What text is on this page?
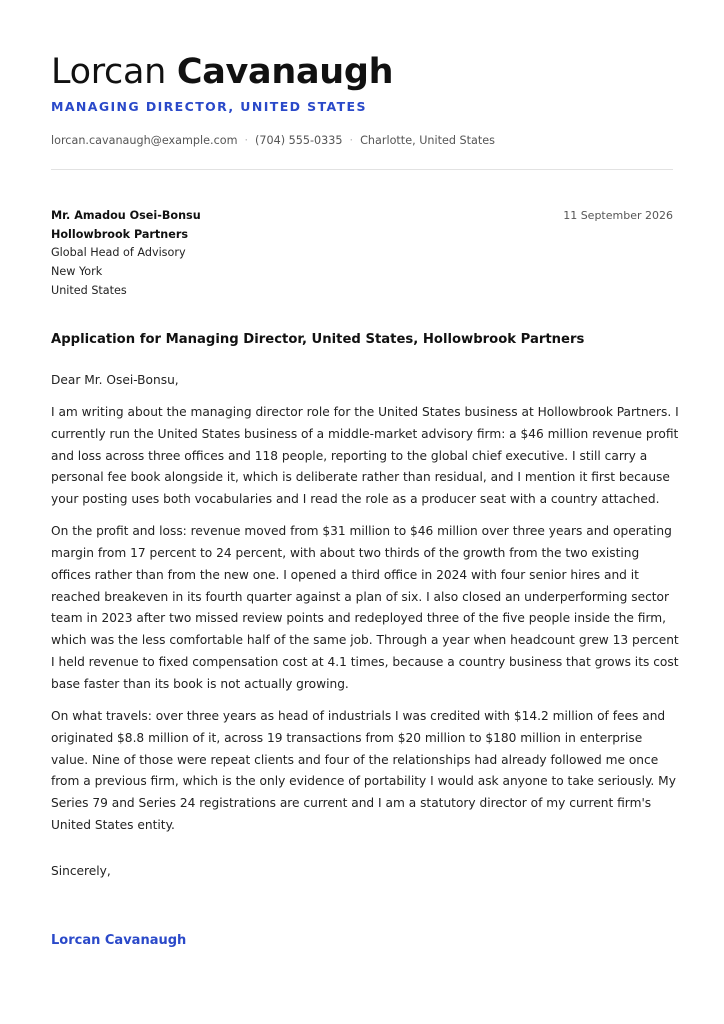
Lorcan Cavanaugh
MANAGING DIRECTOR, UNITED STATES
lorcan.cavanaugh@example.com · (704) 555-0335 · Charlotte, United States
Mr. Amadou Osei-Bonsu
Hollowbrook Partners
Global Head of Advisory
New York
United States
11 September 2026
Application for Managing Director, United States, Hollowbrook Partners

Dear Mr. Osei-Bonsu,

I am writing about the managing director role for the United States business at Hollowbrook Partners. I currently run the United States business of a middle-market advisory firm: a $46 million revenue profit and loss across three offices and 118 people, reporting to the global chief executive. I still carry a personal fee book alongside it, which is deliberate rather than residual, and I mention it first because your posting uses both vocabularies and I read the role as a producer seat with a country attached.

On the profit and loss: revenue moved from $31 million to $46 million over three years and operating margin from 17 percent to 24 percent, with about two thirds of the growth from the two existing offices rather than from the new one. I opened a third office in 2024 with four senior hires and it reached breakeven in its fourth quarter against a plan of six. I also closed an underperforming sector team in 2023 after two missed review points and redeployed three of the five people inside the firm, which was the less comfortable half of the same job. Through a year when headcount grew 13 percent I held revenue to fixed compensation cost at 4.1 times, because a country business that grows its cost base faster than its book is not actually growing.

On what travels: over three years as head of industrials I was credited with $14.2 million of fees and originated $8.8 million of it, across 19 transactions from $20 million to $180 million in enterprise value. Nine of those were repeat clients and four of the relationships had already followed me once from a previous firm, which is the only evidence of portability I would ask anyone to take seriously. My Series 79 and Series 24 registrations are current and I am a statutory director of my current firm's United States entity.

Sincerely,

Lorcan Cavanaugh
